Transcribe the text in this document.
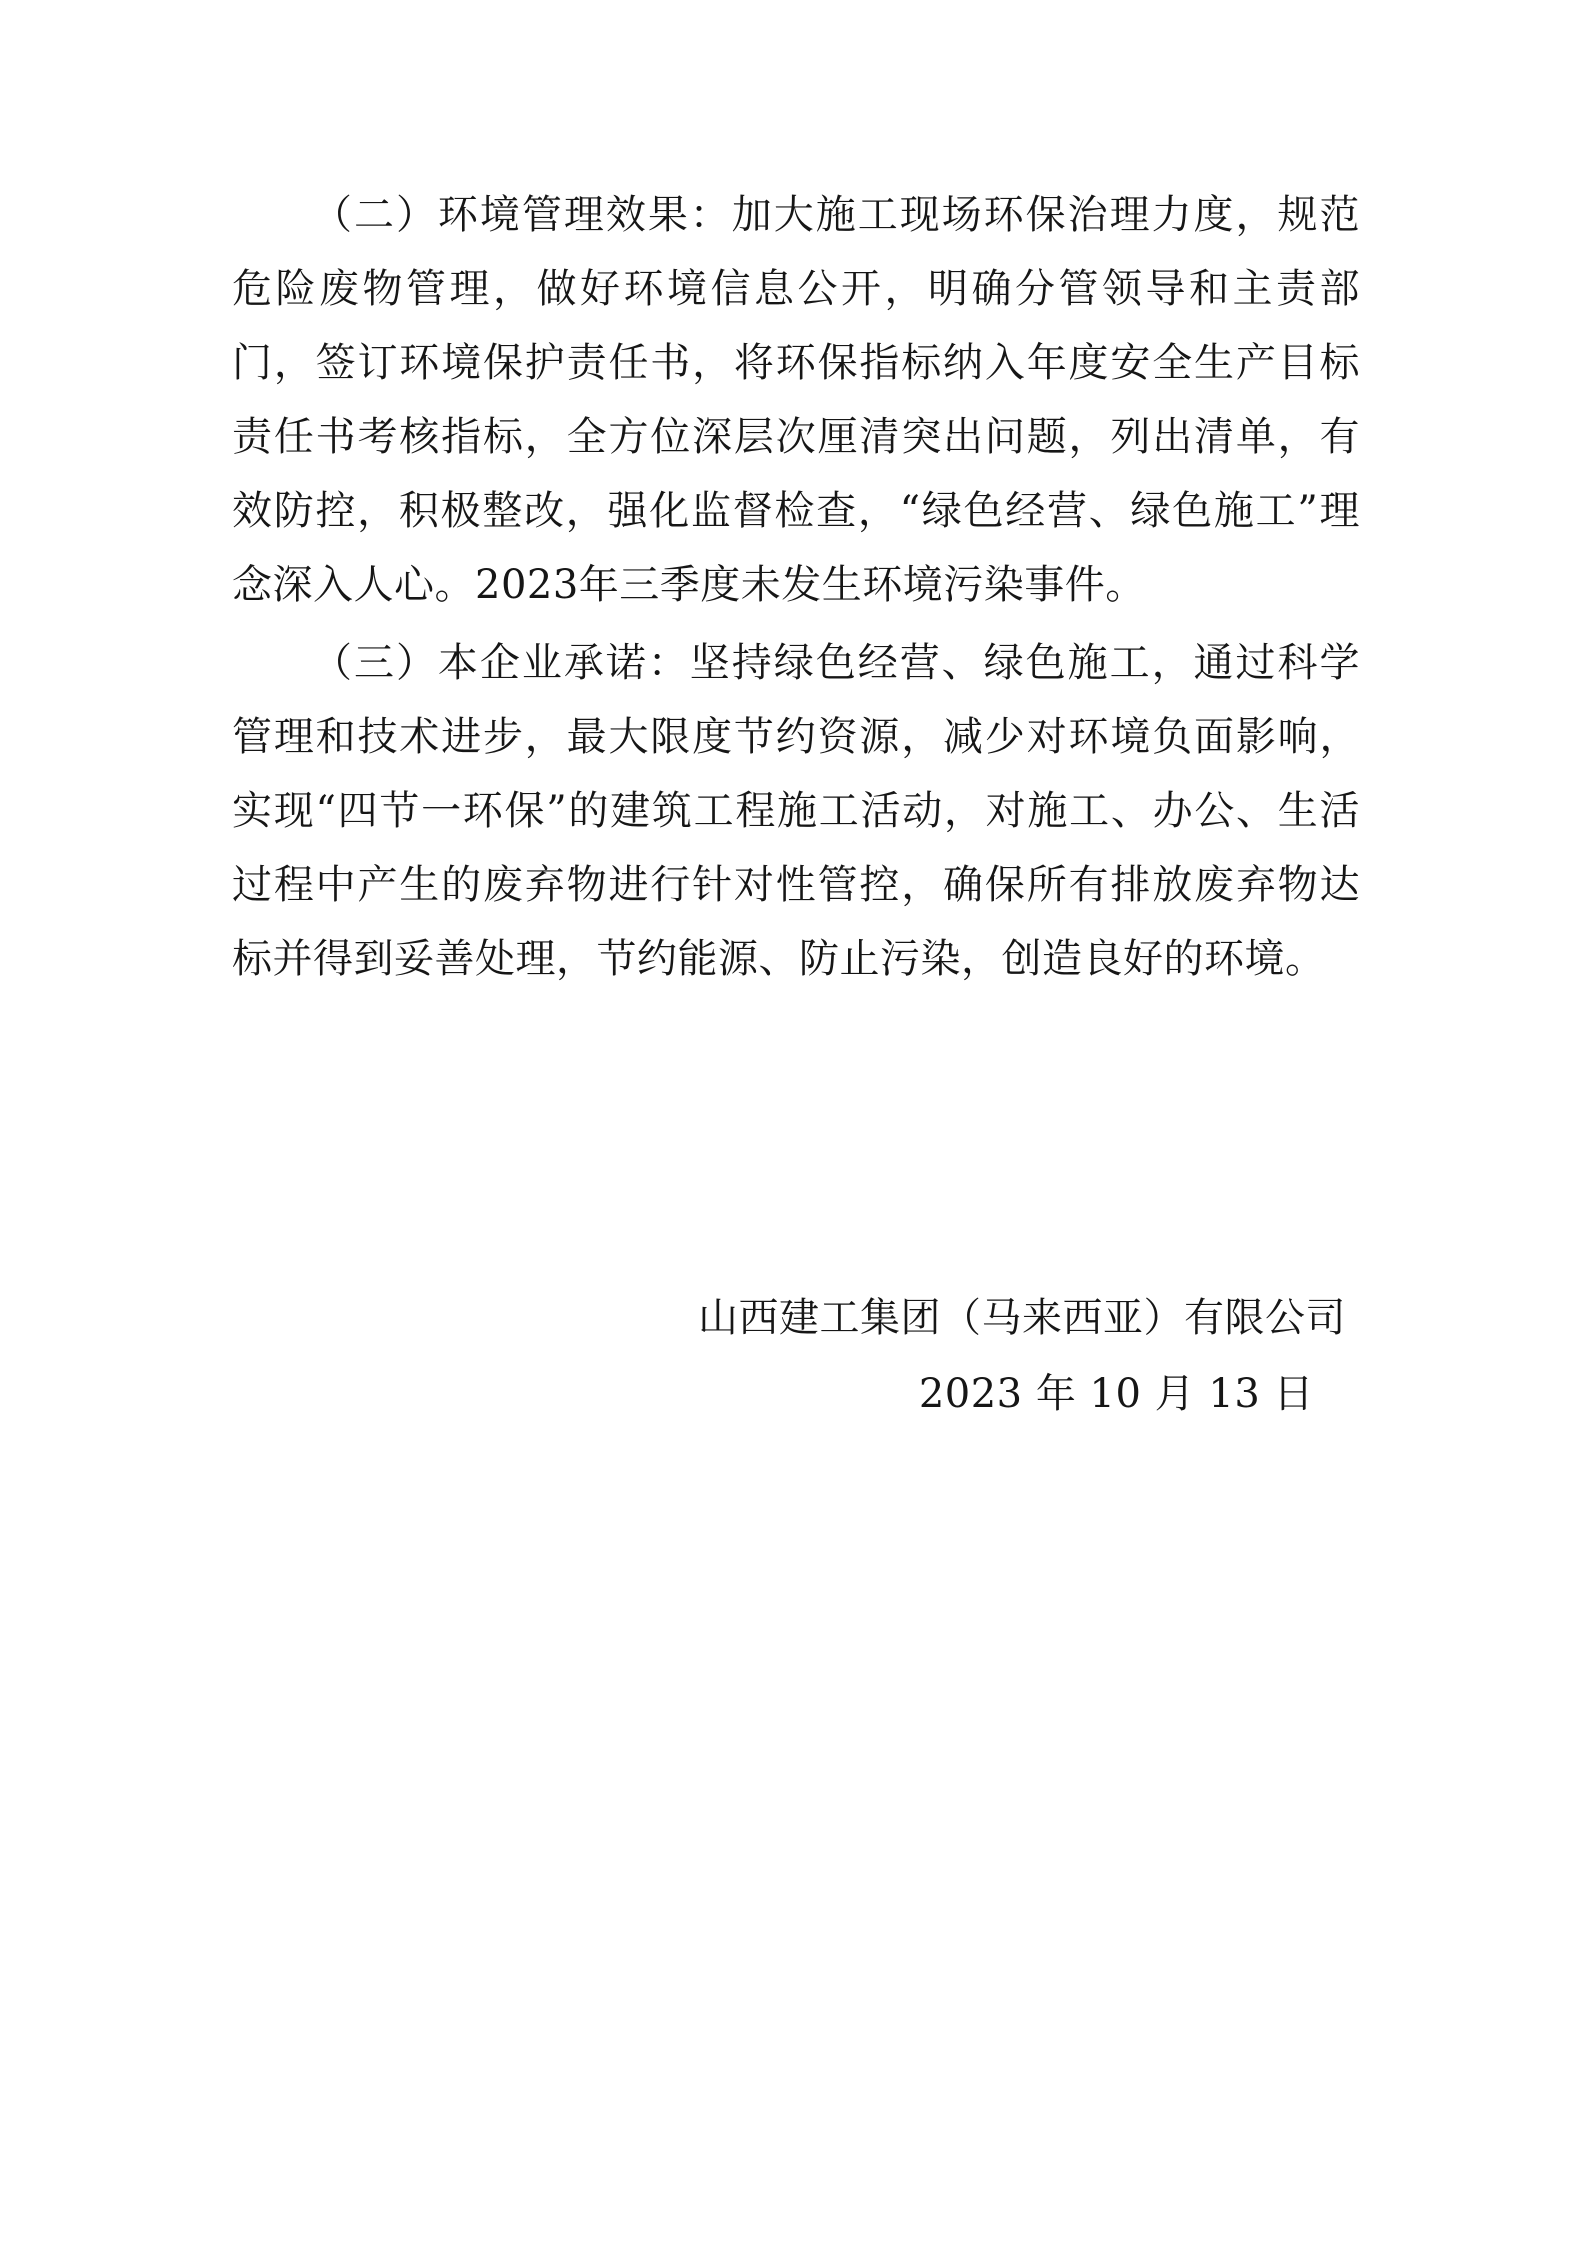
（二）环境管理效果：加大施工现场环保治理力度，规范危险废物管理，做好环境信息公开，明确分管领导和主责部门，签订环境保护责任书，将环保指标纳入年度安全生产目标责任书考核指标，全方位深层次厘清突出问题，列出清单，有效防控，积极整改，强化监督检查，“绿色经营、绿色施工”理念深入人心。2023年三季度未发生环境污染事件。

（三）本企业承诺：坚持绿色经营、绿色施工，通过科学管理和技术进步，最大限度节约资源，减少对环境负面影响，实现“四节一环保”的建筑工程施工活动，对施工、办公、生活过程中产生的废弃物进行针对性管控，确保所有排放废弃物达标并得到妥善处理，节约能源、防止污染，创造良好的环境。

山西建工集团（马来西亚）有限公司
2023 年 10 月 13 日
